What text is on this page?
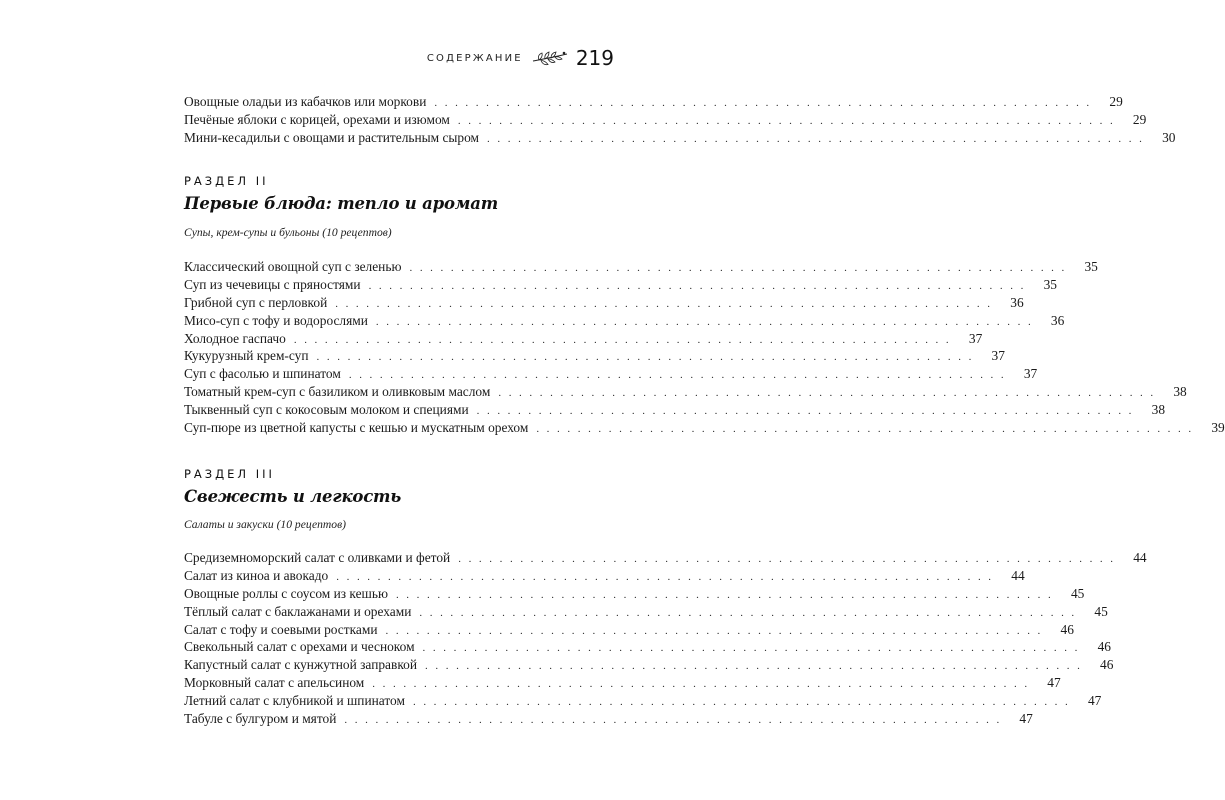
СОДЕРЖАНИЕ	219
Овощные оладьи из кабачков или моркови ................................................................ 29
Печёные яблоки с корицей, орехами и изюмом ................................................................ 29
Мини-кесадильи с овощами и растительным сыром ................................................................ 30
РАЗДЕЛ II
Первые блюда: тепло и аромат
Супы, крем-супы и бульоны (10 рецептов)
Классический овощной суп с зеленью ................................................................ 35
Суп из чечевицы с пряностями ................................................................ 35
Грибной суп с перловкой ................................................................ 36
Мисо-суп с тофу и водорослями ................................................................ 36
Холодное гаспачо ................................................................ 37
Кукурузный крем-суп ................................................................ 37
Суп с фасолью и шпинатом ................................................................ 37
Томатный крем-суп с базиликом и оливковым маслом ................................................................ 38
Тыквенный суп с кокосовым молоком и специями ................................................................ 38
Суп-пюре из цветной капусты с кешью и мускатным орехом ................................................................ 39
РАЗДЕЛ III
Свежесть и легкость
Салаты и закуски (10 рецептов)
Средиземноморский салат с оливками и фетой ................................................................ 44
Салат из киноа и авокадо ................................................................ 44
Овощные роллы с соусом из кешью ................................................................ 45
Тёплый салат с баклажанами и орехами ................................................................ 45
Салат с тофу и соевыми ростками ................................................................ 46
Свекольный салат с орехами и чесноком ................................................................ 46
Капустный салат с кунжутной заправкой ................................................................ 46
Морковный салат с апельсином ................................................................ 47
Летний салат с клубникой и шпинатом ................................................................ 47
Табуле с булгуром и мятой ................................................................ 47
